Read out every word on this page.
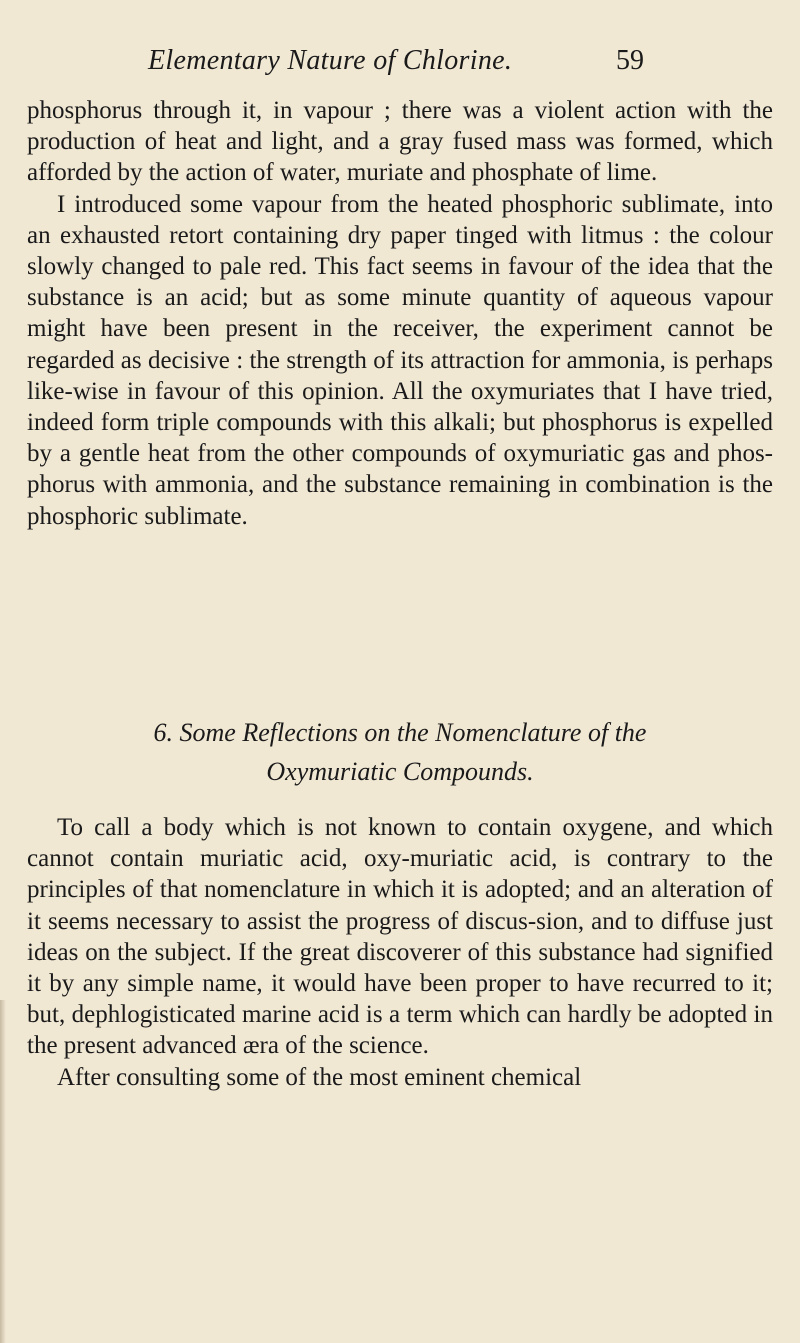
Elementary Nature of Chlorine.	59

phosphorus through it, in vapour ; there was a violent action with the production of heat and light, and a gray fused mass was formed, which afforded by the action of water, muriate and phosphate of lime.

I introduced some vapour from the heated phosphoric sublimate, into an exhausted retort containing dry paper tinged with litmus : the colour slowly changed to pale red. This fact seems in favour of the idea that the substance is an acid; but as some minute quantity of aqueous vapour might have been present in the receiver, the experiment cannot be regarded as decisive : the strength of its attraction for ammonia, is perhaps like-wise in favour of this opinion. All the oxymuriates that I have tried, indeed form triple compounds with this alkali; but phosphorus is expelled by a gentle heat from the other compounds of oxymuriatic gas and phos-phorus with ammonia, and the substance remaining in combination is the phosphoric sublimate.

6. Some Reflections on the Nomenclature of the
Oxymuriatic Compounds.

To call a body which is not known to contain oxygene, and which cannot contain muriatic acid, oxy-muriatic acid, is contrary to the principles of that nomenclature in which it is adopted; and an alteration of it seems necessary to assist the progress of discus-sion, and to diffuse just ideas on the subject. If the great discoverer of this substance had signified it by any simple name, it would have been proper to have recurred to it; but, dephlogisticated marine acid is a term which can hardly be adopted in the present advanced æra of the science.

After consulting some of the most eminent chemical
